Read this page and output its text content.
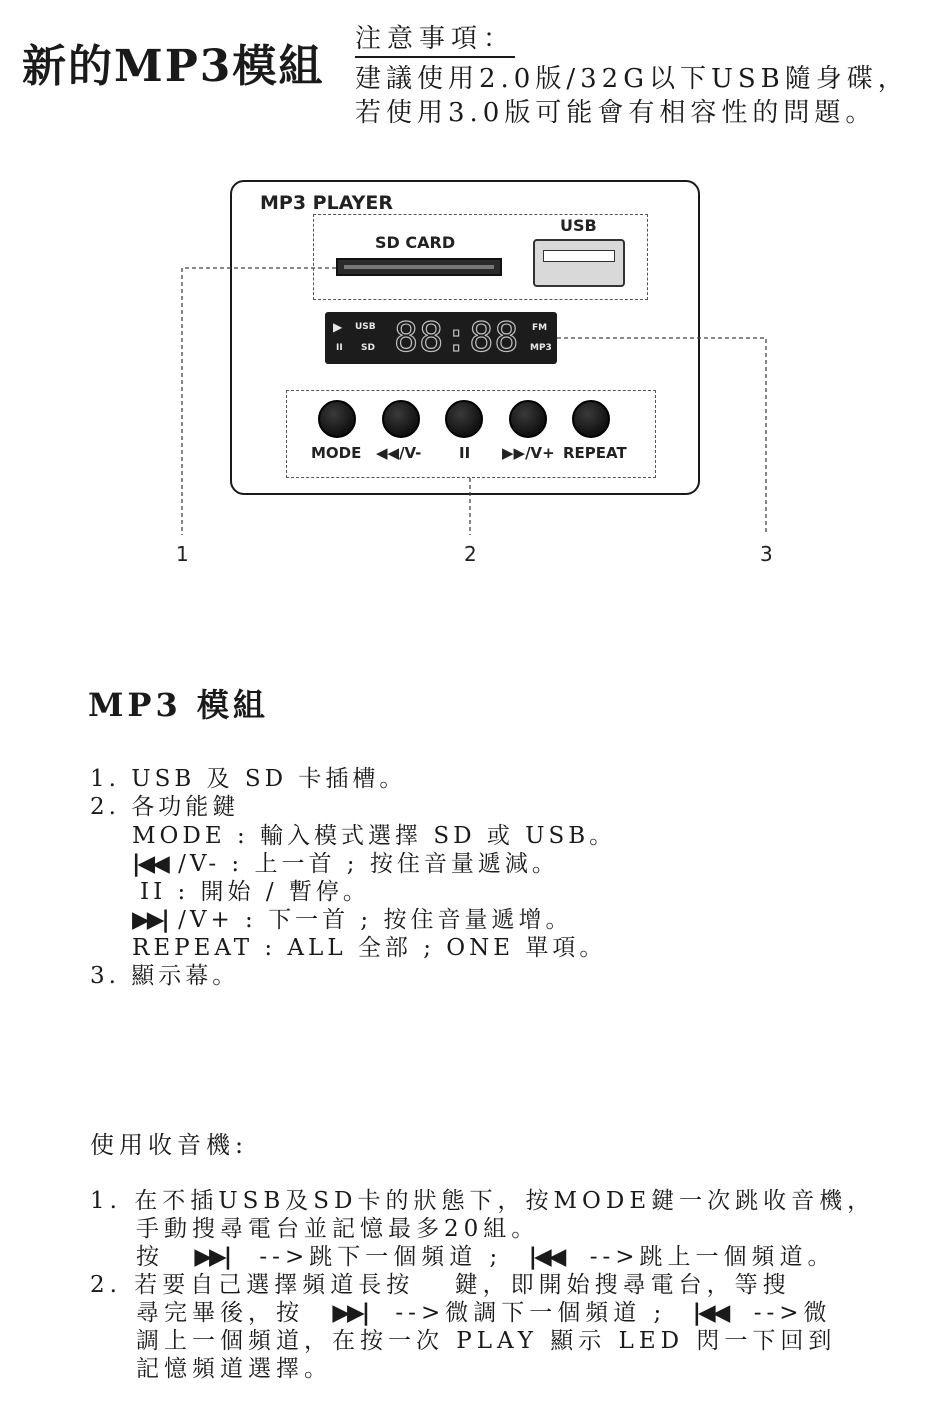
新的MP3模組
注意事項：
建議使用2.0版/32G以下USB隨身碟，
若使用3.0版可能會有相容性的問題。
MP3 PLAYER
SD CARD
USB
▶
II
USB
SD 88:88 FM
MP3
MODE ◀◀/V-	II ▶▶/V+ REPEAT
1	2	3
MP3 模組
1. USB 及 SD 卡插槽。
2. 各功能鍵
MODE : 輸入模式選擇 SD 或 USB。
|◀◀ /V- : 上一首 ; 按住音量遞減。
II : 開始 / 暫停。
▶▶| /V+ : 下一首 ; 按住音量遞增。
REPEAT : ALL 全部 ; ONE 單項。
3. 顯示幕。
使用收音機:
1. 在不插USB及SD卡的狀態下，按MODE鍵一次跳收音機，
手動搜尋電台並記憶最多20組。
按 ▶▶| -->跳下一個頻道 ; |◀◀ -->跳上一個頻道。
2. 若要自己選擇頻道長按　 鍵，即開始搜尋電台，等搜
尋完畢後，按 ▶▶| -->微調下一個頻道 ; |◀◀ -->微
調上一個頻道，在按一次 PLAY 顯示 LED 閃一下回到
記憶頻道選擇。
